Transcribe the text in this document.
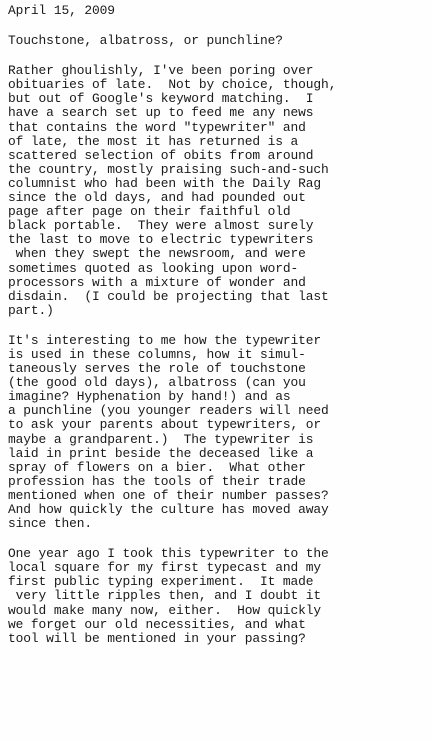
April 15, 2009
Touchstone, albatross, or punchline?
Rather ghoulishly, I've been poring over
obituaries of late.  Not by choice, though,
but out of Google's keyword matching.  I
have a search set up to feed me any news
that contains the word "typewriter" and
of late, the most it has returned is a
scattered selection of obits from around
the country, mostly praising such-and-such
columnist who had been with the Daily Rag
since the old days, and had pounded out
page after page on their faithful old
black portable.  They were almost surely
the last to move to electric typewriters
when they swept the newsroom, and were
sometimes quoted as looking upon word-
processors with a mixture of wonder and
disdain.  (I could be projecting that last
part.)
It's interesting to me how the typewriter
is used in these columns, how it simul-
taneously serves the role of touchstone
(the good old days), albatross (can you
imagine? Hyphenation by hand!) and as
a punchline (you younger readers will need
to ask your parents about typewriters, or
maybe a grandparent.)  The typewriter is
laid in print beside the deceased like a
spray of flowers on a bier.  What other
profession has the tools of their trade
mentioned when one of their number passes?
And how quickly the culture has moved away
since then.
One year ago I took this typewriter to the
local square for my first typecast and my
first public typing experiment.  It made
very little ripples then, and I doubt it
would make many now, either.  How quickly
we forget our old necessities, and what
tool will be mentioned in your passing?
